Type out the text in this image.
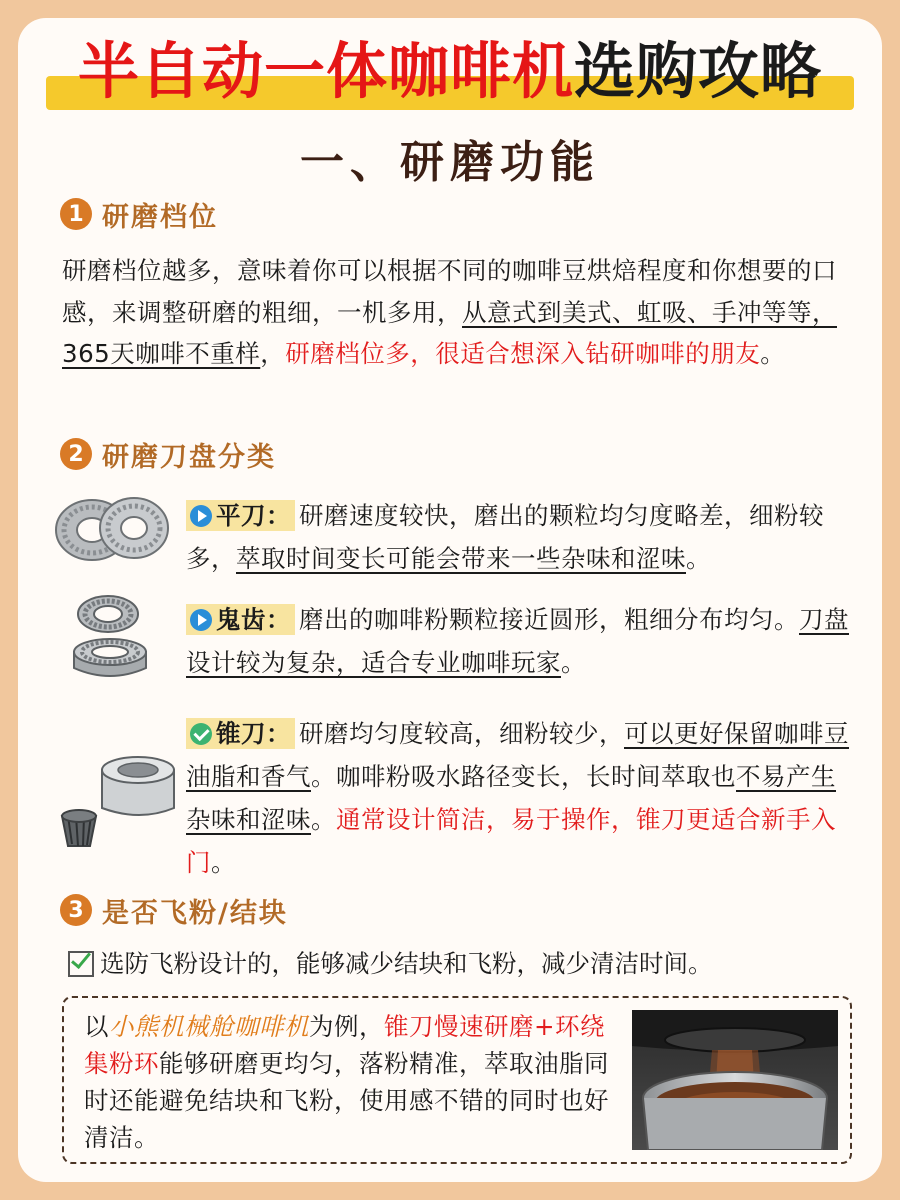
半自动一体咖啡机选购攻略
一、研磨功能
1 研磨档位
研磨档位越多，意味着你可以根据不同的咖啡豆烘焙程度和你想要的口感，来调整研磨的粗细，一机多用，从意式到美式、虹吸、手冲等等，365天咖啡不重样，研磨档位多，很适合想深入钻研咖啡的朋友。
2 研磨刀盘分类
平刀： 研磨速度较快，磨出的颗粒均匀度略差，细粉较多，萃取时间变长可能会带来一些杂味和涩味。
鬼齿： 磨出的咖啡粉颗粒接近圆形，粗细分布均匀。刀盘设计较为复杂，适合专业咖啡玩家。
锥刀： 研磨均匀度较高，细粉较少，可以更好保留咖啡豆油脂和香气。咖啡粉吸水路径变长，长时间萃取也不易产生杂味和涩味。通常设计简洁，易于操作，锥刀更适合新手入门。
3 是否飞粉/结块
选防飞粉设计的，能够减少结块和飞粉，减少清洁时间。
以小熊机械舱咖啡机为例，锥刀慢速研磨+环绕集粉环能够研磨更均匀，落粉精准，萃取油脂同时还能避免结块和飞粉，使用感不错的同时也好清洁。
